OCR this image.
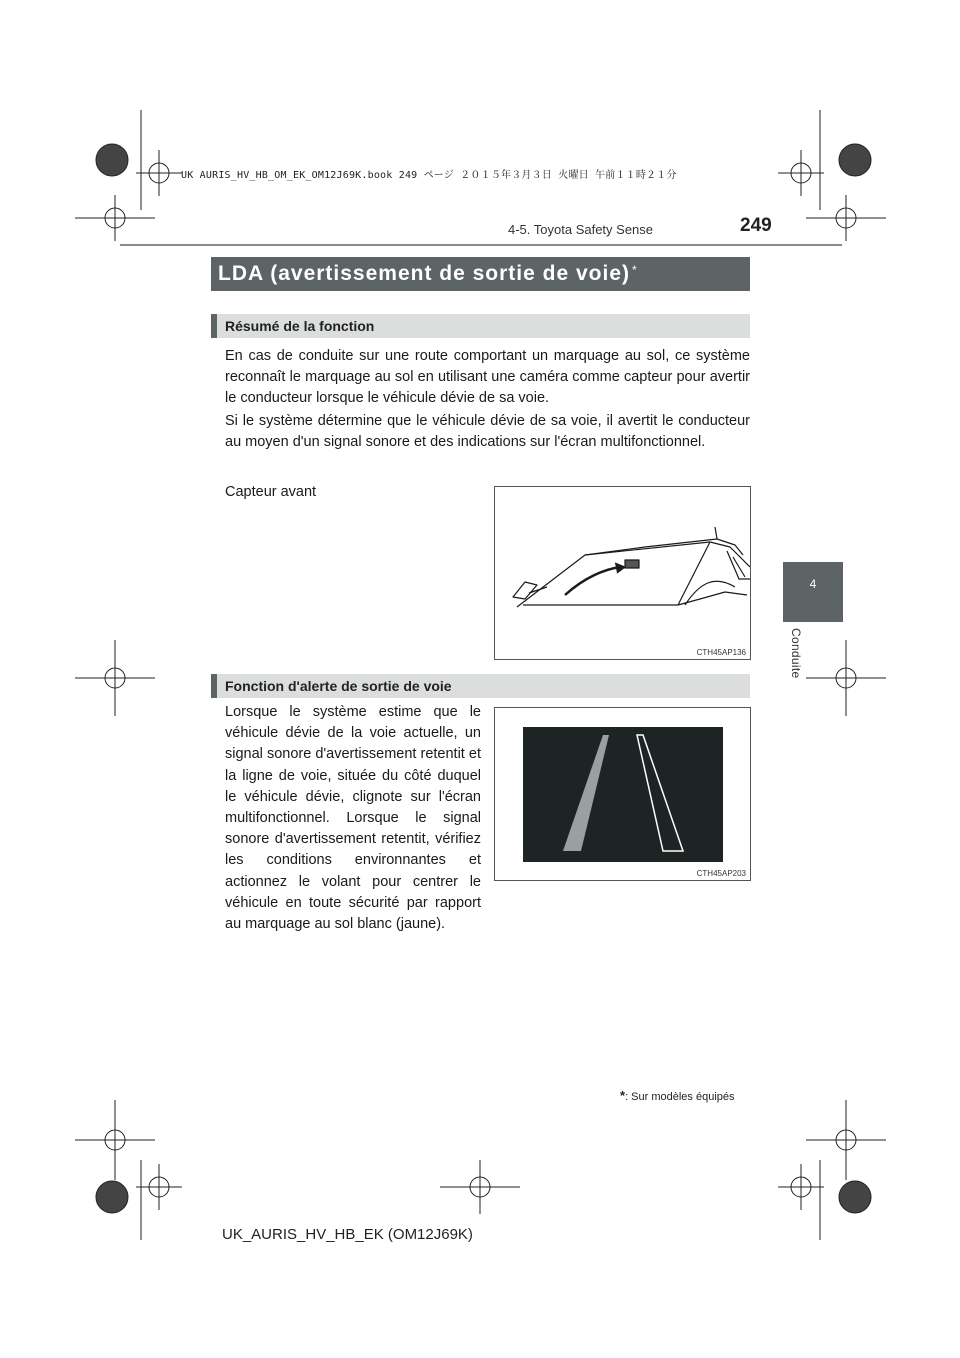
UK AURIS_HV_HB_OM_EK_OM12J69K.book 249 ページ ２０１５年３月３日 火曜日 午前１１時２１分
4-5. Toyota Safety Sense	249
4
Conduite
LDA (avertissement de sortie de voie) *
Résumé de la fonction
En cas de conduite sur une route comportant un marquage au sol, ce système reconnaît le marquage au sol en utilisant une caméra comme capteur pour avertir le conducteur lorsque le véhicule dévie de sa voie.
Si le système détermine que le véhicule dévie de sa voie, il avertit le conducteur au moyen d'un signal sonore et des indications sur l'écran multifonctionnel.
Capteur avant
CTH45AP136
Fonction d'alerte de sortie de voie
Lorsque le système estime que le véhicule dévie de la voie actuelle, un signal sonore d'avertissement retentit et la ligne de voie, située du côté duquel le véhicule dévie, clignote sur l'écran multifonctionnel. Lorsque le signal sonore d'avertissement retentit, vérifiez les conditions environnantes et actionnez le volant pour centrer le véhicule en toute sécurité par rapport au marquage au sol blanc (jaune).
CTH45AP203
*: Sur modèles équipés
UK_AURIS_HV_HB_EK (OM12J69K)
